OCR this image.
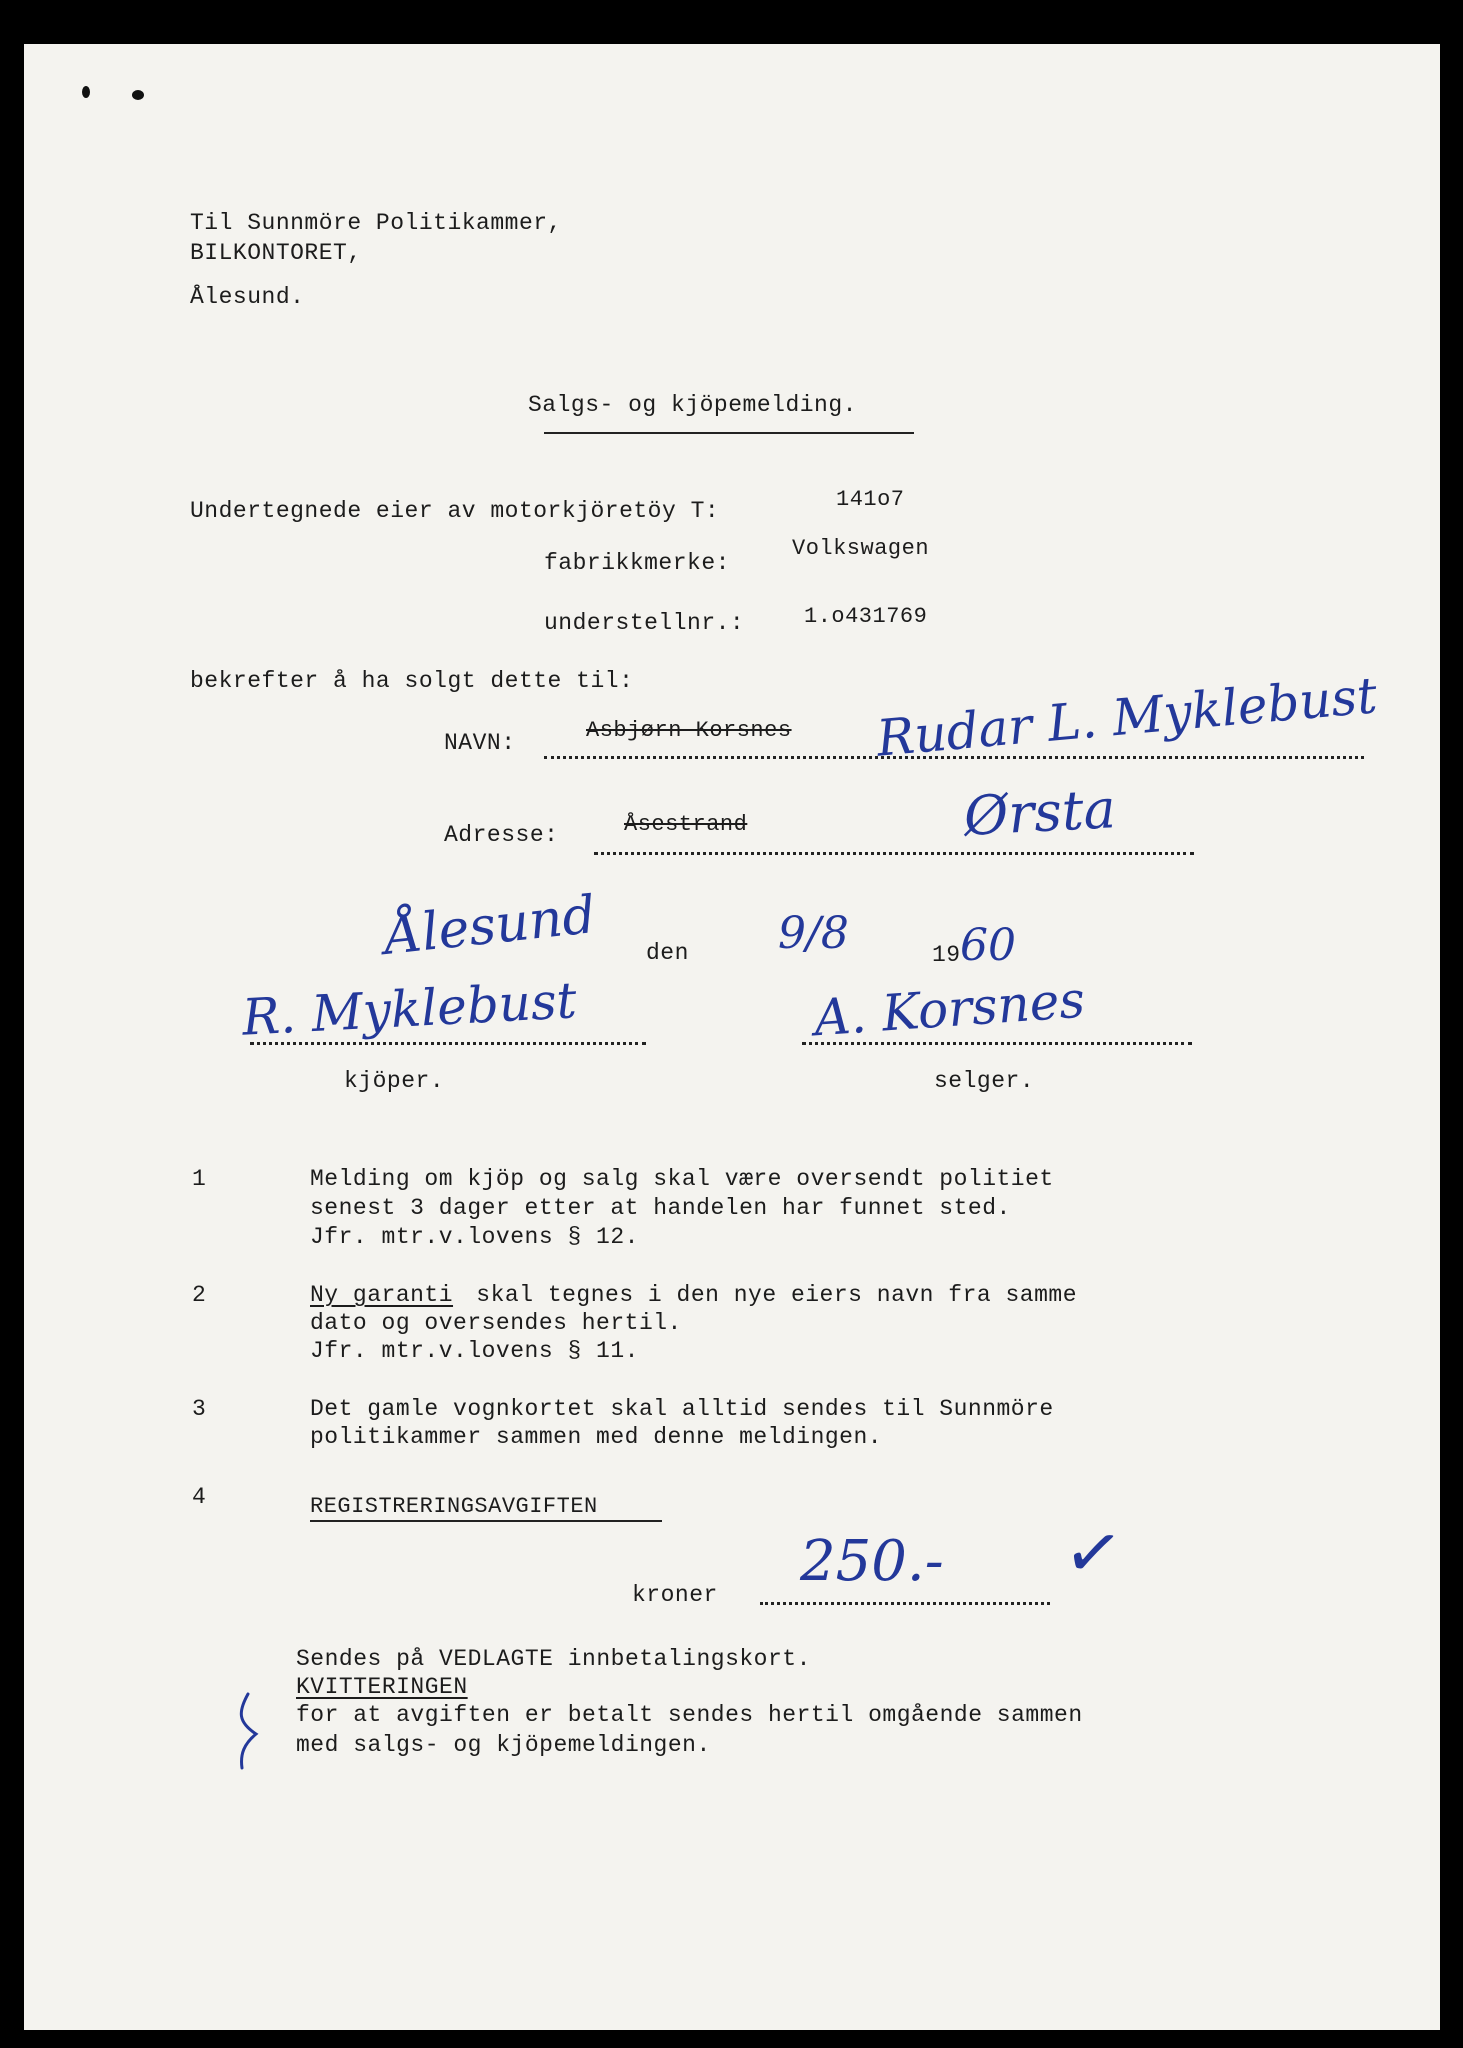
Til Sunnmöre Politikammer,
BILKONTORET,
Ålesund.
Salgs- og kjöpemelding.
Undertegnede eier av motorkjöretöy T:	141o7
fabrikkmerke:
Volkswagen
understellnr.:	1.o431769
bekrefter å ha solgt dette til:
NAVN:	Asbjørn Korsnes Rudar L. Myklebust
Adresse:	Åsestrand	Ørsta
Ålesund den 9/8	19 60
R. Myklebust
kjöper.
A. Korsnes
selger.
1	Melding om kjöp og salg skal være oversendt politiet
senest 3 dager etter at handelen har funnet sted.
Jfr. mtr.v.lovens § 12.
2	Ny garanti skal tegnes i den nye eiers navn fra samme
dato og oversendes hertil.
Jfr. mtr.v.lovens § 11.
3	Det gamle vognkortet skal alltid sendes til Sunnmöre
politikammer sammen med denne meldingen.
4	REGISTRERINGSAVGIFTEN
kroner
250.- ✓
Sendes på VEDLAGTE innbetalingskort.
KVITTERINGEN
for at avgiften er betalt sendes hertil omgående sammen
med salgs- og kjöpemeldingen.
